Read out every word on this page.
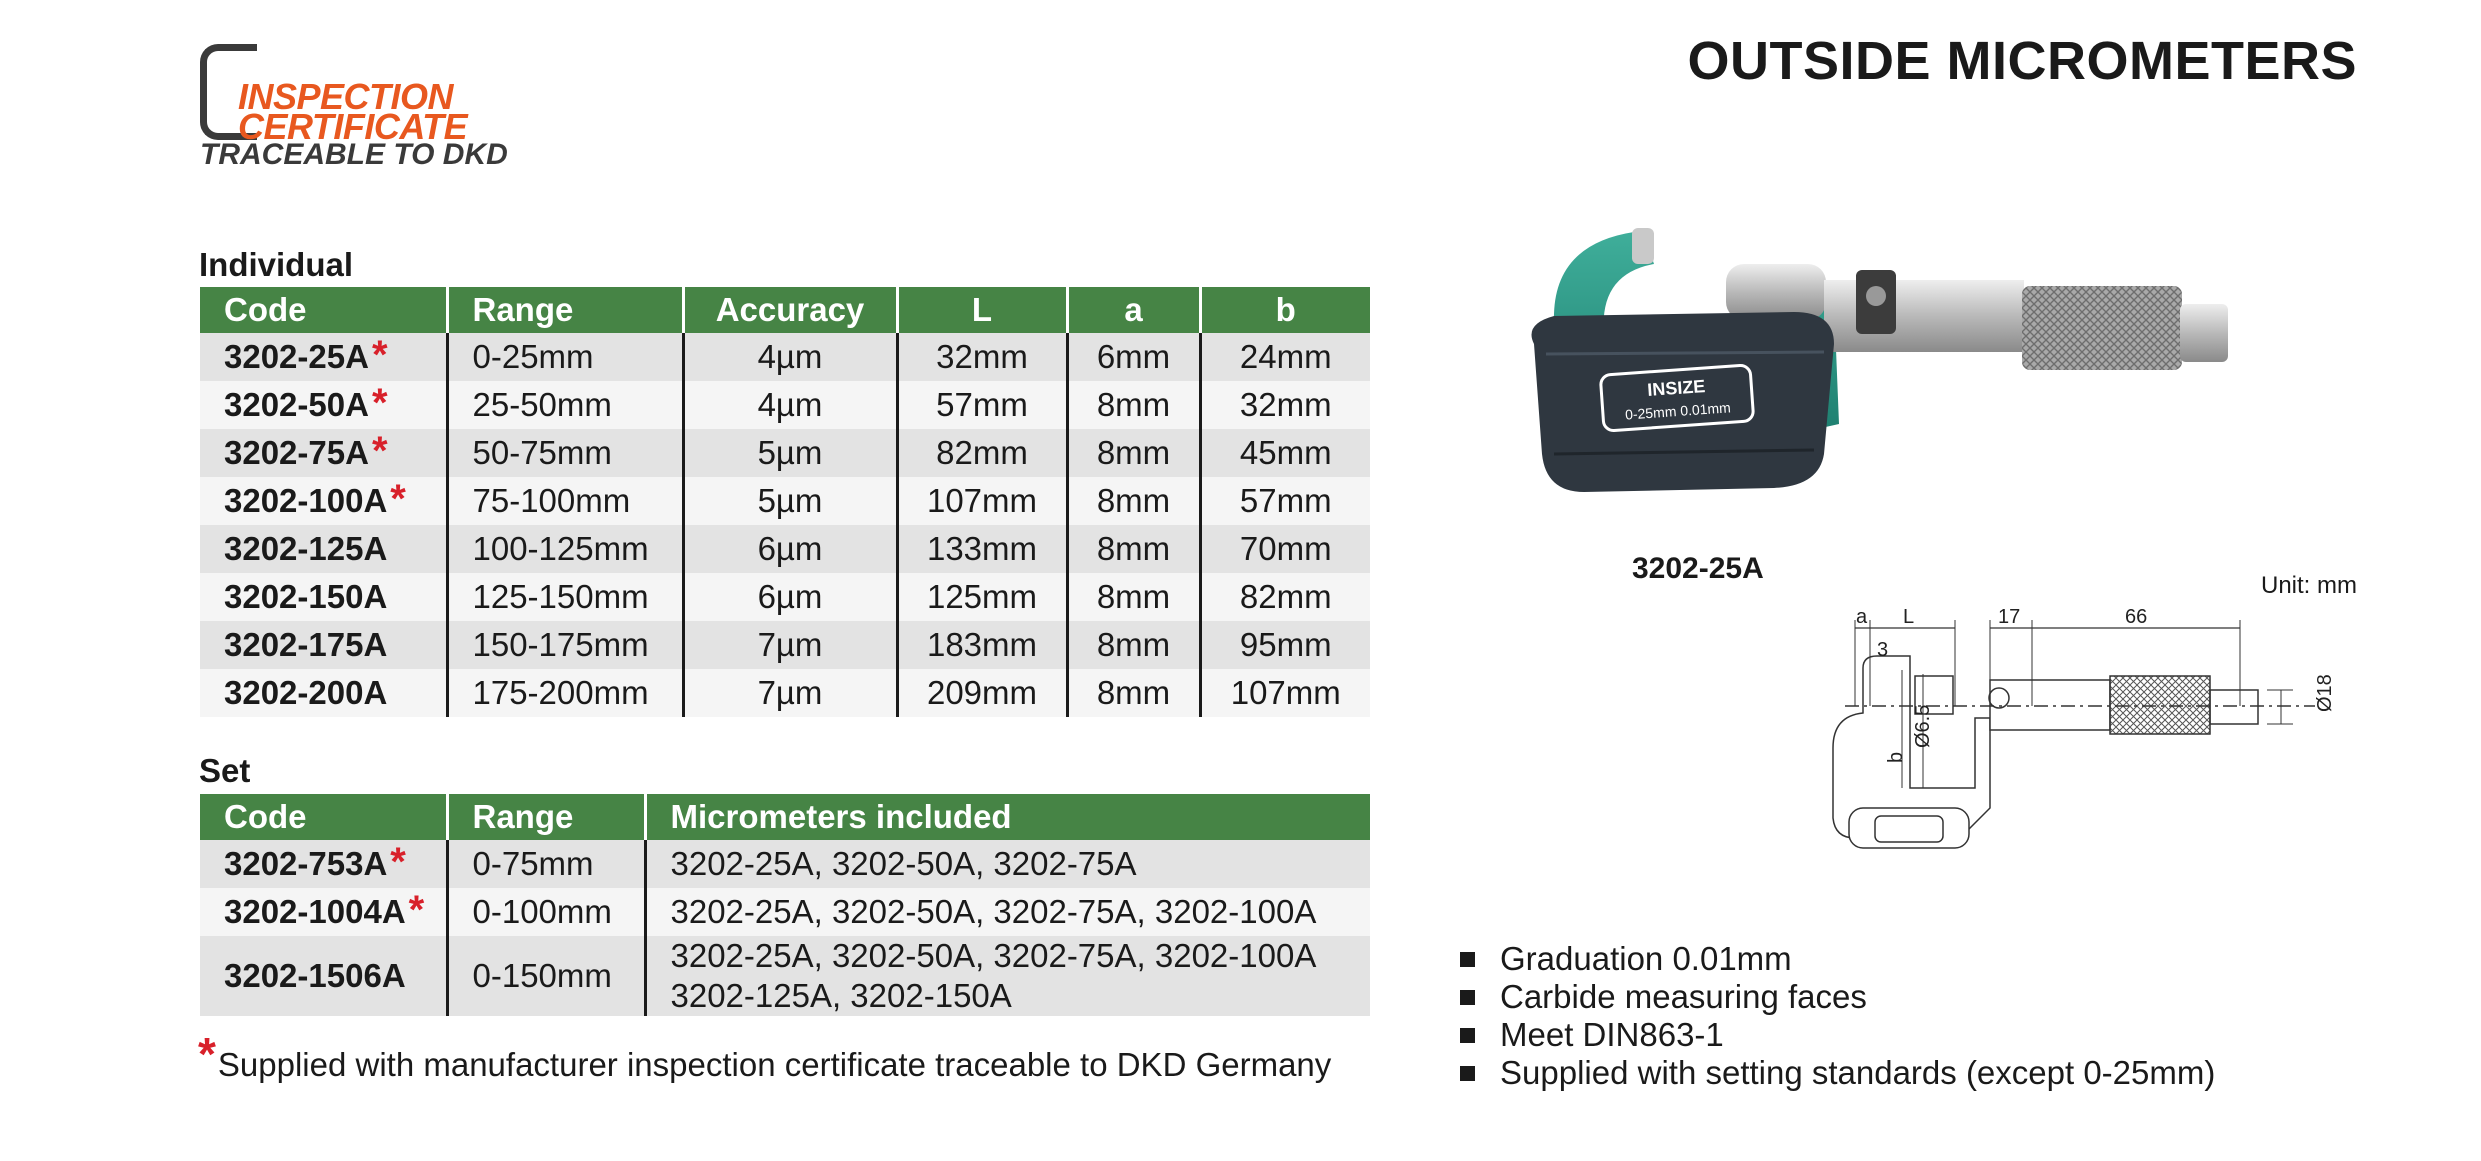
INSPECTION
CERTIFICATE
TRACEABLE TO DKD
OUTSIDE MICROMETERS
Individual
Code	Range	Accuracy	L	a	b
3202-25A*	0-25mm	4µm	32mm	6mm	24mm
3202-50A*	25-50mm	4µm	57mm	8mm	32mm
3202-75A*	50-75mm	5µm	82mm	8mm	45mm
3202-100A*	75-100mm	5µm	107mm	8mm	57mm
3202-125A	100-125mm	6µm	133mm	8mm	70mm
3202-150A	125-150mm	6µm	125mm	8mm	82mm
3202-175A	150-175mm	7µm	183mm	8mm	95mm
3202-200A	175-200mm	7µm	209mm	8mm	107mm
Set
Code	Range	Micrometers included
3202-753A*	0-75mm	3202-25A, 3202-50A, 3202-75A

3202-1004A*	0-100mm	3202-25A, 3202-50A, 3202-75A, 3202-100A

3202-1506A	0-150mm	3202-25A, 3202-50A, 3202-75A, 3202-100A
3202-125A, 3202-150A
*Supplied with manufacturer inspection certificate traceable to DKD Germany
INSIZE
0-25mm 0.01mm
3202-25A
Unit: mm
a L	17	66
3
b
Ø6.5
Ø18
Graduation 0.01mm
Carbide measuring faces
Meet DIN863-1
Supplied with setting standards (except 0-25mm)
